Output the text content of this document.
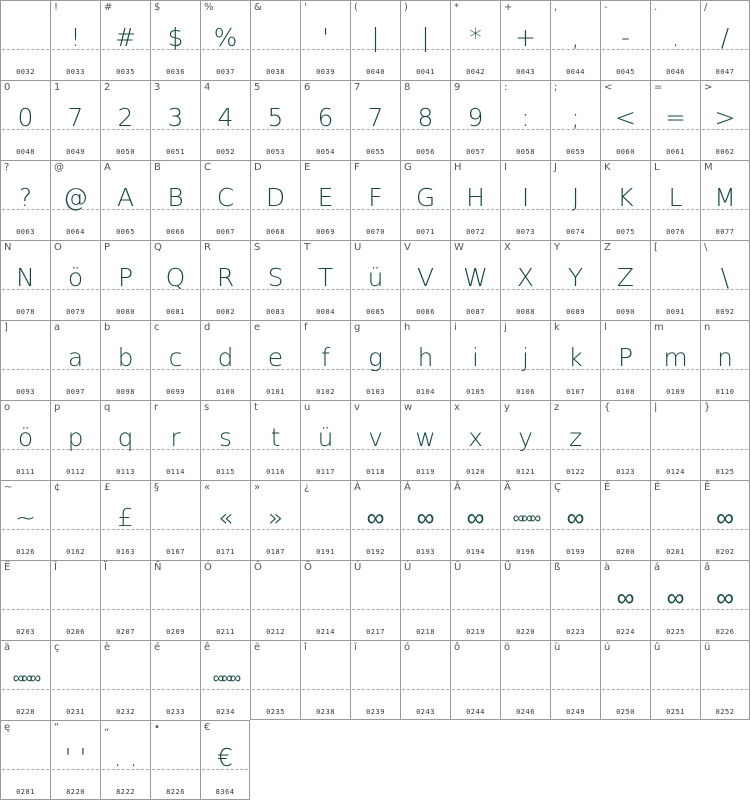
0032
!
!
0033
#
#
0035
$
$
0036
%
%
0037
&
0038
'
'
0039
(
|
0040
)
|
0041
*
*
0042
+
+
0043
,
,
0044
-
-
0045
.
.
0046
/
/
0047
0
0
0048
1
7
0049
2
2
0050
3
3
0051
4
4
0052
5
5
0053
6
6
0054
7
7
0055
8
8
0056
9
9
0057
:
:
0058
;
;
0059
<
<
0060
=
=
0061
>
>
0062
?
?
0063
@
@
0064
A
A
0065
B
B
0066
C
C
0067
D
D
0068
E
E
0069
F
F
0070
G
G
0071
H
H
0072
I
I
0073
J
J
0074
K
K
0075
L
L
0076
M
M
0077
N
N
0078
O
ö
0079
P
P
0080
Q
Q
0081
R
R
0082
S
S
0083
T
T
0084
U
ü
0085
V
V
0086
W
W
0087
X
X
0088
Y
Y
0089
Z
Z
0090
[
0091
\
\
0092
]
0093
a
a
0097
b
b
0098
c
c
0099
d
d
0100
e
e
0101
f
f
0102
g
g
0103
h
h
0104
i
i
0105
j
j
0106
k
k
0107
l
P
0108
m
m
0109
n
n
0110
o
ö
0111
p
p
0112
q
q
0113
r
r
0114
s
s
0115
t
t
0116
u
ü
0117
v
v
0118
w
w
0119
x
x
0120
y
y
0121
z
z
0122
{
0123
|
0124
}
0125
~
~
0126
¢
0162
£
£
0163
§
0167
«
«
0171
»
»
0187
¿
0191
À
∞
0192
Á
∞
0193
Â
∞
0194
Ä
∞∞∞
0196
Ç
∞
0199
È
0200
É
0201
Ê
∞
0202
Ë
0203
Î
0206
Ï
0207
Ñ
0209
Ó
0211
Ô
0212
Ö
0214
Ù
0217
Ú
0218
Û
0219
Ü
0220
ß
0223
à
∞
0224
á
∞
0225
â
∞
0226
ä
∞∞∞
0228
ç
0231
è
0232
é
0233
ê
∞∞∞
0234
ë
0235
î
0238
ï
0239
ó
0243
ô
0244
ö
0246
ù
0249
ú
0250
û
0251
ü
0252
ę
0281
“
' '
8220
„
. .
8222
•
8226
€
€
8364
